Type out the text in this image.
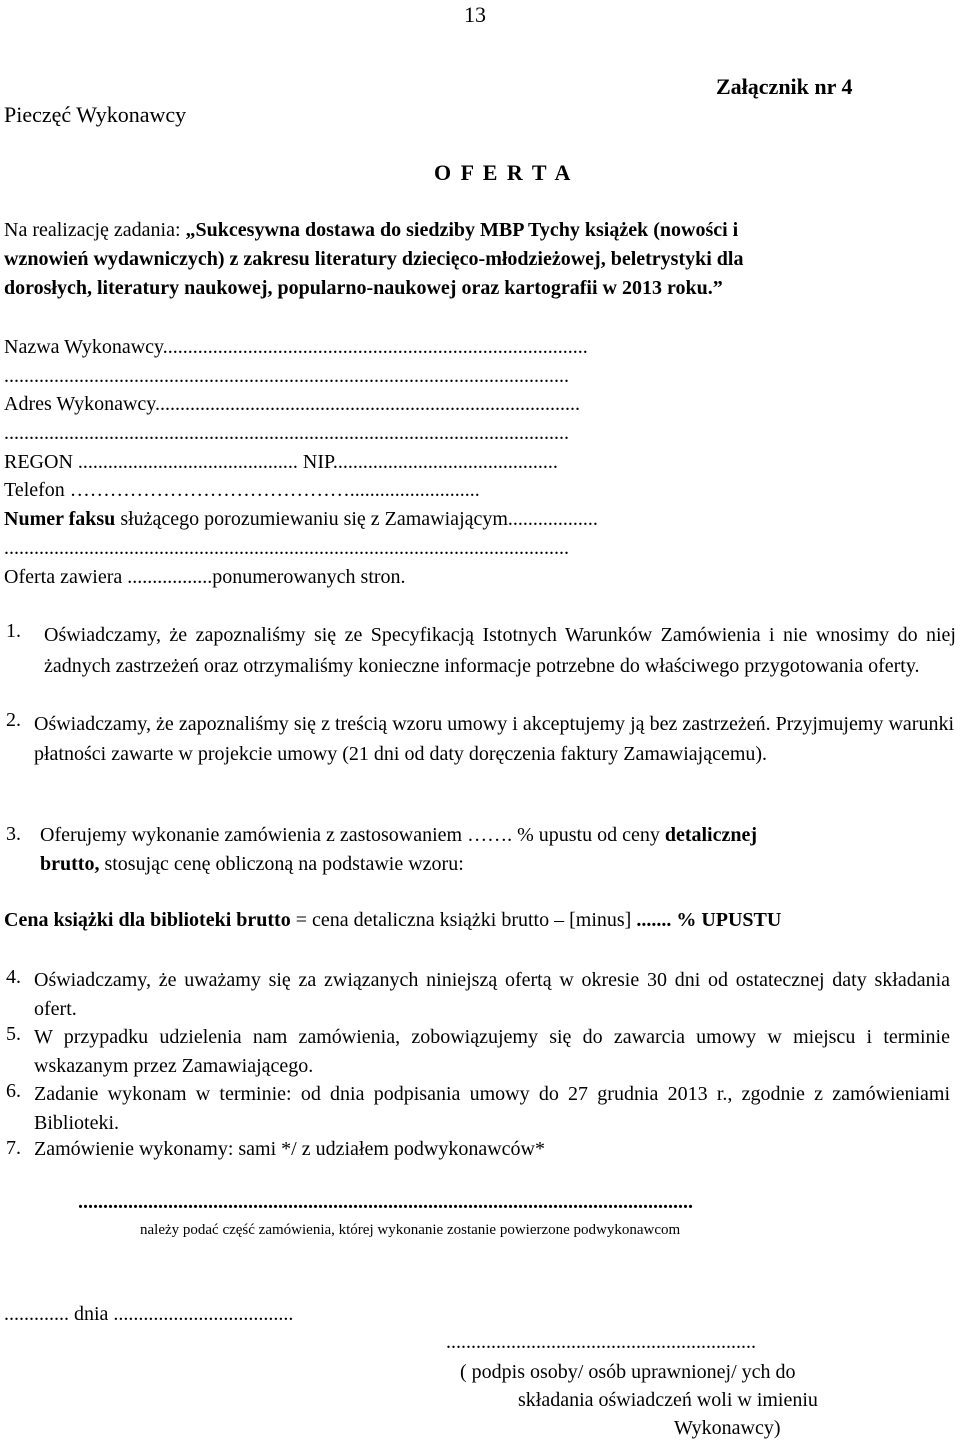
13
Pieczęć Wykonawcy
Załącznik nr 4
O F E R T A
Na realizację zadania: „Sukcesywna dostawa do siedziby MBP Tychy książek (nowości i
wznowień wydawniczych) z zakresu literatury dziecięco-młodzieżowej, beletrystyki dla
dorosłych, literatury naukowej, popularno-naukowej oraz kartografii w 2013 roku.”
Nazwa Wykonawcy.....................................................................................
.................................................................................................................
Adres Wykonawcy.....................................................................................
.................................................................................................................
REGON ............................................ NIP.............................................
Telefon ……………………………………..........................
Numer faksu służącego porozumiewaniu się z Zamawiającym..................
.................................................................................................................
Oferta zawiera .................ponumerowanych stron.
1. Oświadczamy, że zapoznaliśmy się ze Specyfikacją Istotnych Warunków Zamówienia i nie wnosimy do niej żadnych zastrzeżeń oraz otrzymaliśmy konieczne informacje potrzebne do właściwego przygotowania oferty.
2. Oświadczamy, że zapoznaliśmy się z treścią wzoru umowy i akceptujemy ją bez zastrzeżeń. Przyjmujemy warunki płatności zawarte w projekcie umowy (21 dni od daty doręczenia faktury Zamawiającemu).
3. Oferujemy wykonanie zamówienia z zastosowaniem ……. % upustu od ceny detalicznej
brutto, stosując cenę obliczoną na podstawie wzoru:
Cena książki dla biblioteki brutto = cena detaliczna książki brutto – [minus] ....... % UPUSTU
4. Oświadczamy, że uważamy się za związanych niniejszą ofertą w okresie 30 dni od ostatecznej daty składania ofert.
5. W przypadku udzielenia nam zamówienia, zobowiązujemy się do zawarcia umowy w miejscu i terminie wskazanym przez Zamawiającego.
6. Zadanie wykonam w terminie: od dnia podpisania umowy do 27 grudnia 2013 r., zgodnie z zamówieniami Biblioteki.
7. Zamówienie wykonamy: sami */ z udziałem podwykonawców*
...........................................................................................................................
należy podać część zamówienia, której wykonanie zostanie powierzone podwykonawcom
............. dnia ....................................
..............................................................
( podpis osoby/ osób uprawnionej/ ych do
składania oświadczeń woli w imieniu
Wykonawcy)
